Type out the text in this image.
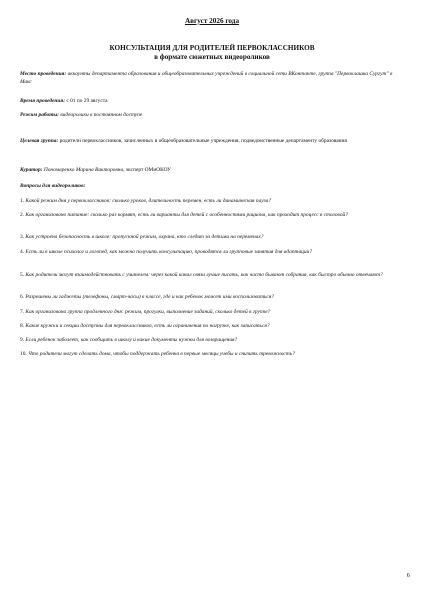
Август 2026 года
КОНСУЛЬТАЦИЯ ДЛЯ РОДИТЕЛЕЙ ПЕРВОКЛАССНИКОВ
в формате сюжетных видеороликов
Место проведения: аккаунты департамента образования и общеобразовательных учреждений в социальной сети ВКонтакте, группа "Первоклашка Сургут" в Макс
Время проведения: с 01 по 29 августа
Режим работы: видеоролики в постоянном доступе
Целевая группа: родители первоклассников, зачисленных в общеобразовательные учреждения, подведомственные департаменту образования
Куратор: Пономаренко Марина Викторовна, эксперт ОМиОКОУ
Вопросы для видеороликов:
1. Какой режим дня у первоклассников: сколько уроков, длительность перемен, есть ли динамическая пауза?
2. Как организовано питание: сколько раз кормят, есть ли варианты для детей с особенностями рациона, как проходит процесс в столовой?
3. Как устроена безопасность в школе: пропускной режим, охрана, кто следит за детьми на переменах?
4. Есть ли в школе психолог и логопед, как можно получить консультацию, проводятся ли групповые занятия для адаптации?
5. Как родители могут взаимодействовать с учителем: через какой канал связи лучше писать, как часто бывают собрания, как быстро обычно отвечают?
6. Разрешены ли гаджеты (телефоны, смарт-часы) в классе, где и как ребенок может ими воспользоваться?
7. Как организована группа продленного дня: режим, прогулки, выполнение заданий, сколько детей в группе?
8. Какие кружки и секции доступны для первоклассников, есть ли ограничения по нагрузке, как записаться?
9. Если ребенок заболеет, как сообщить в школу и какие документы нужны для возвращения?
10. Что родители могут сделать дома, чтобы поддержать ребенка в первые месяцы учебы и снизить тревожность?
6
